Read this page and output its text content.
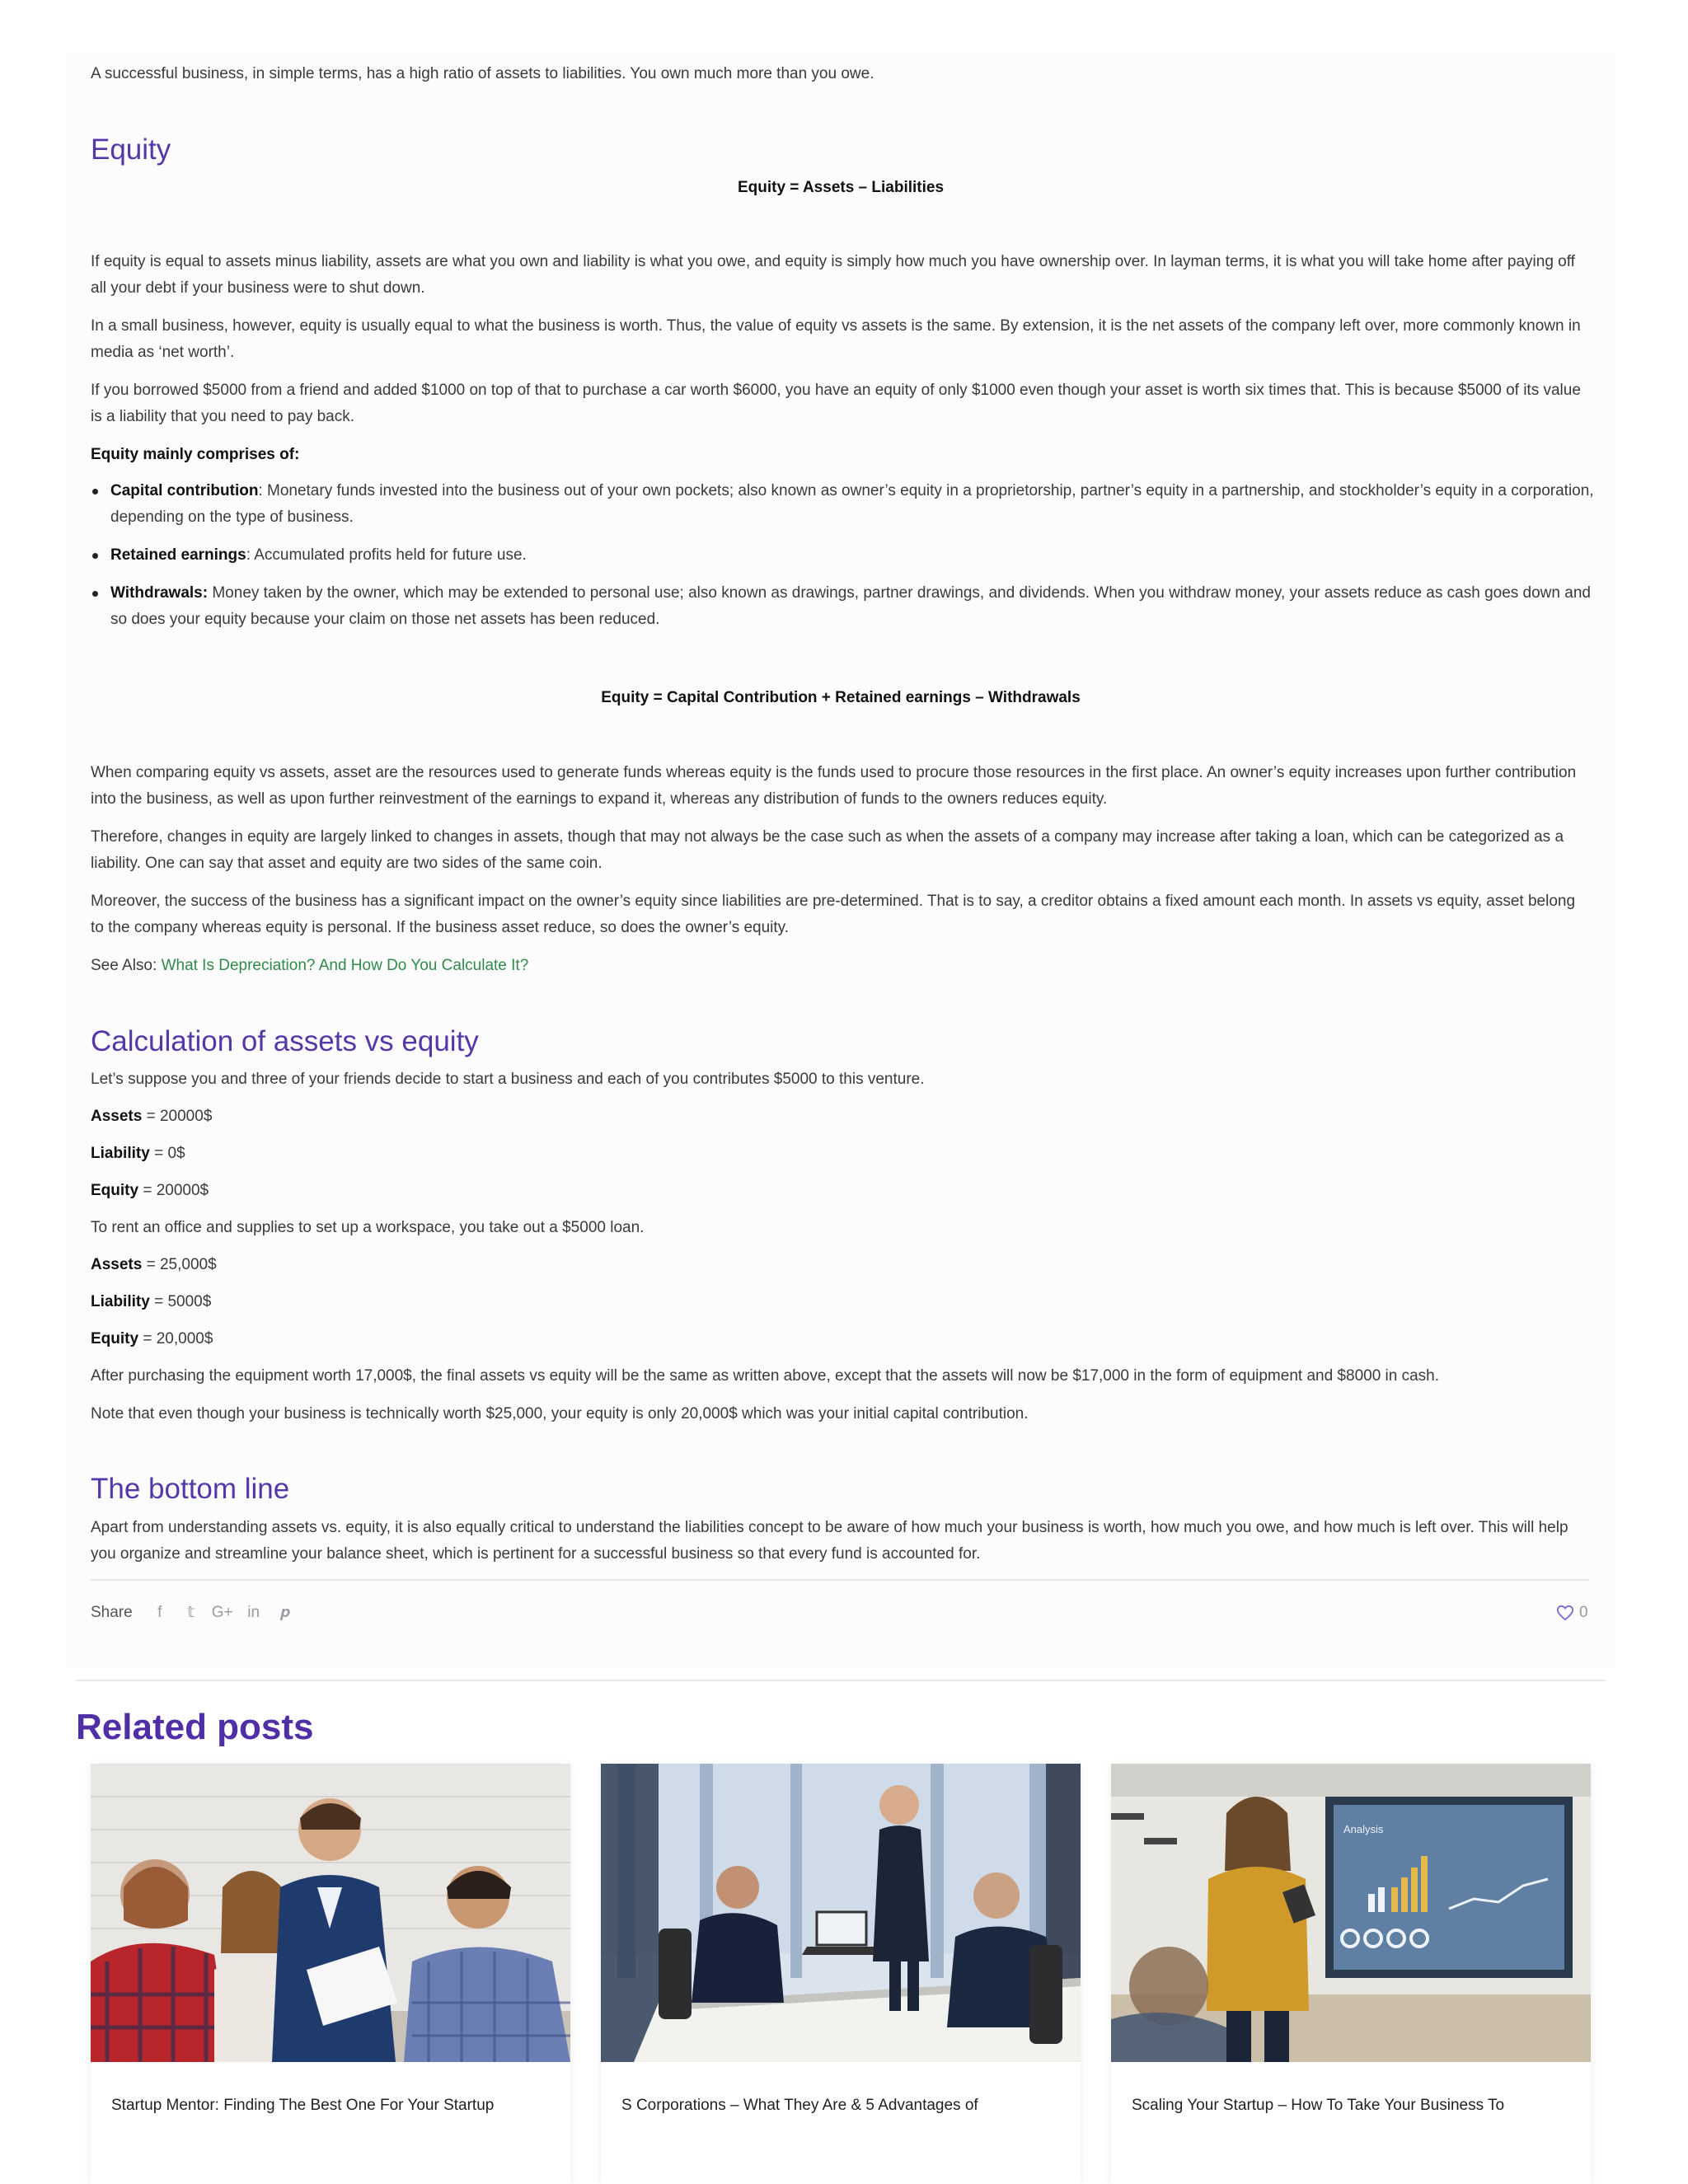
A successful business, in simple terms, has a high ratio of assets to liabilities. You own much more than you owe.

Equity
Equity = Assets – Liabilities

If equity is equal to assets minus liability, assets are what you own and liability is what you owe, and equity is simply how much you have ownership over. In layman terms, it is what you will take home after paying off all your debt if your business were to shut down.

In a small business, however, equity is usually equal to what the business is worth. Thus, the value of equity vs assets is the same. By extension, it is the net assets of the company left over, more commonly known in media as ‘net worth’.

If you borrowed $5000 from a friend and added $1000 on top of that to purchase a car worth $6000, you have an equity of only $1000 even though your asset is worth six times that. This is because $5000 of its value is a liability that you need to pay back.

Equity mainly comprises of:

Capital contribution: Monetary funds invested into the business out of your own pockets; also known as owner’s equity in a proprietorship, partner’s equity in a partnership, and stockholder’s equity in a corporation, depending on the type of business.
Retained earnings: Accumulated profits held for future use.
Withdrawals: Money taken by the owner, which may be extended to personal use; also known as drawings, partner drawings, and dividends. When you withdraw money, your assets reduce as cash goes down and so does your equity because your claim on those net assets has been reduced.
Equity = Capital Contribution + Retained earnings – Withdrawals

When comparing equity vs assets, asset are the resources used to generate funds whereas equity is the funds used to procure those resources in the first place. An owner’s equity increases upon further contribution into the business, as well as upon further reinvestment of the earnings to expand it, whereas any distribution of funds to the owners reduces equity.

Therefore, changes in equity are largely linked to changes in assets, though that may not always be the case such as when the assets of a company may increase after taking a loan, which can be categorized as a liability. One can say that asset and equity are two sides of the same coin.

Moreover, the success of the business has a significant impact on the owner’s equity since liabilities are pre-determined. That is to say, a creditor obtains a fixed amount each month. In assets vs equity, asset belong to the company whereas equity is personal. If the business asset reduce, so does the owner’s equity.

See Also: What Is Depreciation? And How Do You Calculate It?

Calculation of assets vs equity

Let’s suppose you and three of your friends decide to start a business and each of you contributes $5000 to this venture.

Assets = 20000$

Liability = 0$

Equity = 20000$

To rent an office and supplies to set up a workspace, you take out a $5000 loan.

Assets = 25,000$

Liability = 5000$

Equity = 20,000$

After purchasing the equipment worth 17,000$, the final assets vs equity will be the same as written above, except that the assets will now be $17,000 in the form of equipment and $8000 in cash.

Note that even though your business is technically worth $25,000, your equity is only 20,000$ which was your initial capital contribution.

The bottom line

Apart from understanding assets vs. equity, it is also equally critical to understand the liabilities concept to be aware of how much your business is worth, how much you owe, and how much is left over. This will help you organize and streamline your balance sheet, which is pertinent for a successful business so that every fund is accounted for.

Share	f	𝕥	G+ in	𝒑	0
Related posts
Startup Mentor: Finding The Best One For Your Startup	S Corporations – What They Are & 5 Advantages of
Analysis
Scaling Your Startup – How To Take Your Business To
